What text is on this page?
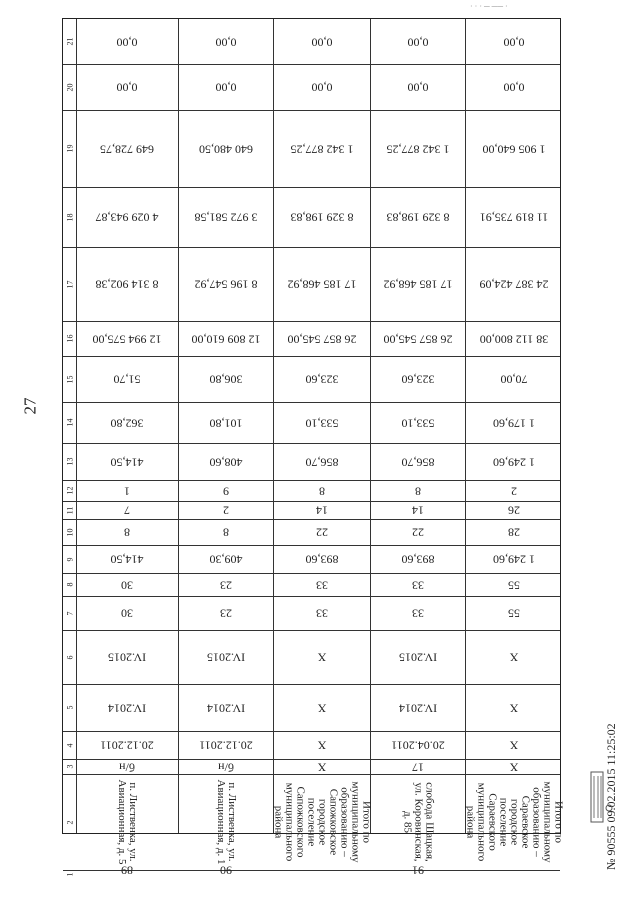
· · · ─ ── ·
27
21
20
19
18
17
16
15
14
13
12
11
10
9
8
7
6
5
4
3
2
1
0,00
0,00
649 728,75
4 029 943,87
8 314 902,38
12 994 575,00
51,70
362,80
414,50
1
7
8
414,50
30
30
IV.2015
IV.2014
20.12.2011
б/н
п. Лиственка, ул. Авиационная, д. 5
89
0,00
0,00
640 480,50
3 972 581,58
8 196 547,92
12 809 610,00
306,80
101,80
408,60
9
2
8
409,30
23
23
IV.2015
IV.2014
20.12.2011
б/н
п. Лиственка, ул. Авиационная, д. 1
90
0,00
0,00
1 342 877,25
8 329 198,83
17 185 468,92
26 857 545,00
323,60
533,10
856,70
8
14
22
893,60
33
33
X
X
X
X
Итого по муниципальному образованию – Сапожковское городское поселение Сапожковского муниципального района
0,00
0,00
1 342 877,25
8 329 198,83
17 185 468,92
26 857 545,00
323,60
533,10
856,70
8
14
22
893,60
33
33
IV.2015
IV.2014
20.04.2011
17
слобода Шацкая, ул. Коровинская, д. 85
91
0,00
0,00
1 905 640,00
11 819 735,91
24 387 424,09
38 112 800,00
70,00
1 179,60
1 249,60
2
26
28
1 249,60
55
55
X
X
X
X
Итого по муниципальному образованию – Сараевское городское поселение Сараевского муниципального района	№ 90555 09.02.2015 11:25:02
